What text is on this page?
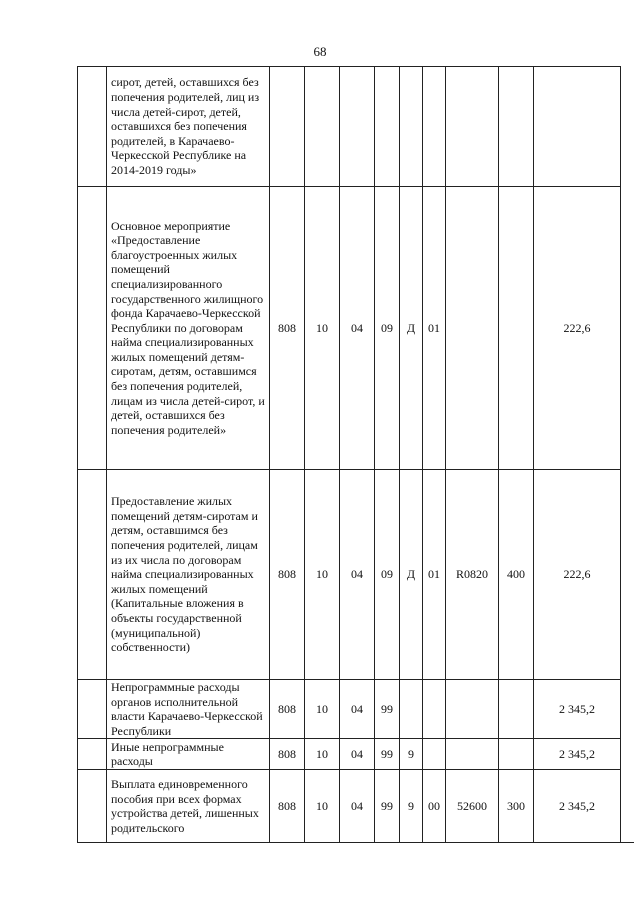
68
	сирот, детей, оставшихся без попечения родителей, лиц из числа детей-сирот, детей, оставшихся без попечения родителей, в Карачаево-Черкесской Республике на 2014-2019 годы»									
	Основное мероприятие «Предоставление благоустроенных жилых помещений специализированного государственного жилищного фонда Карачаево-Черкесской Республики по договорам найма специализированных жилых помещений детям-сиротам, детям, оставшимся без попечения родителей, лицам из числа детей-сирот, и детей, оставшихся без попечения родителей»	808	10	04	09	Д	01			222,6
	Предоставление жилых помещений детям-сиротам и детям, оставшимся без попечения родителей, лицам из их числа по договорам найма специализированных жилых помещений (Капитальные вложения в объекты государственной (муниципальной) собственности)	808	10	04	09	Д	01	R0820	400	222,6
	Непрограммные расходы органов исполнительной власти Карачаево-Черкесской Республики	808	10	04	99					2 345,2
	Иные непрограммные расходы	808	10	04	99	9				2 345,2
	Выплата единовременного пособия при всех формах устройства детей, лишенных родительского	808	10	04	99	9	00	52600	300	2 345,2
